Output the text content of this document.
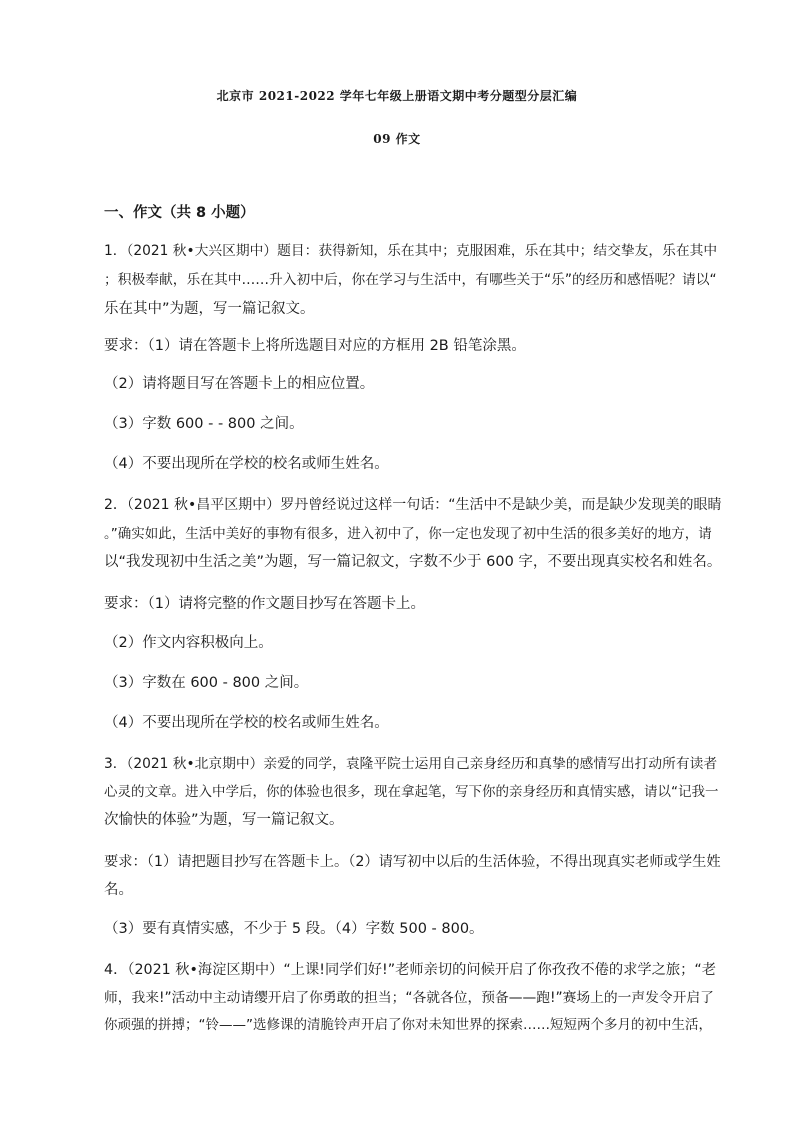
北京市 2021-2022 学年七年级上册语文期中考分题型分层汇编
09 作文
一、作文（共 8 小题）
1．（2021 秋•大兴区期中）题目：获得新知，乐在其中；克服困难，乐在其中；结交挚友，乐在其中
；积极奉献，乐在其中……升入初中后，你在学习与生活中，有哪些关于“乐”的经历和感悟呢？请以“
乐在其中”为题，写一篇记叙文。
要求：（1）请在答题卡上将所选题目对应的方框用 2B 铅笔涂黑。
（2）请将题目写在答题卡上的相应位置。
（3）字数 600 - - 800 之间。
（4）不要出现所在学校的校名或师生姓名。
2．（2021 秋•昌平区期中）罗丹曾经说过这样一句话：“生活中不是缺少美，而是缺少发现美的眼睛
。”确实如此，生活中美好的事物有很多，进入初中了，你一定也发现了初中生活的很多美好的地方，请
以“我发现初中生活之美”为题，写一篇记叙文，字数不少于 600 字，不要出现真实校名和姓名。
要求：（1）请将完整的作文题目抄写在答题卡上。
（2）作文内容积极向上。
（3）字数在 600 - 800 之间。
（4）不要出现所在学校的校名或师生姓名。
3．（2021 秋•北京期中）亲爱的同学，袁隆平院士运用自己亲身经历和真挚的感情写出打动所有读者
心灵的文章。进入中学后，你的体验也很多，现在拿起笔，写下你的亲身经历和真情实感，请以“记我一
次愉快的体验”为题，写一篇记叙文。
要求：（1）请把题目抄写在答题卡上。（2）请写初中以后的生活体验，不得出现真实老师或学生姓
名。
（3）要有真情实感，不少于 5 段。（4）字数 500 - 800。
4．（2021 秋•海淀区期中）“上课!同学们好!”老师亲切的问候开启了你孜孜不倦的求学之旅；“老
师，我来!”活动中主动请缨开启了你勇敢的担当；“各就各位，预备——跑!”赛场上的一声发令开启了
你顽强的拼搏；“铃——”选修课的清脆铃声开启了你对未知世界的探索……短短两个多月的初中生活，
